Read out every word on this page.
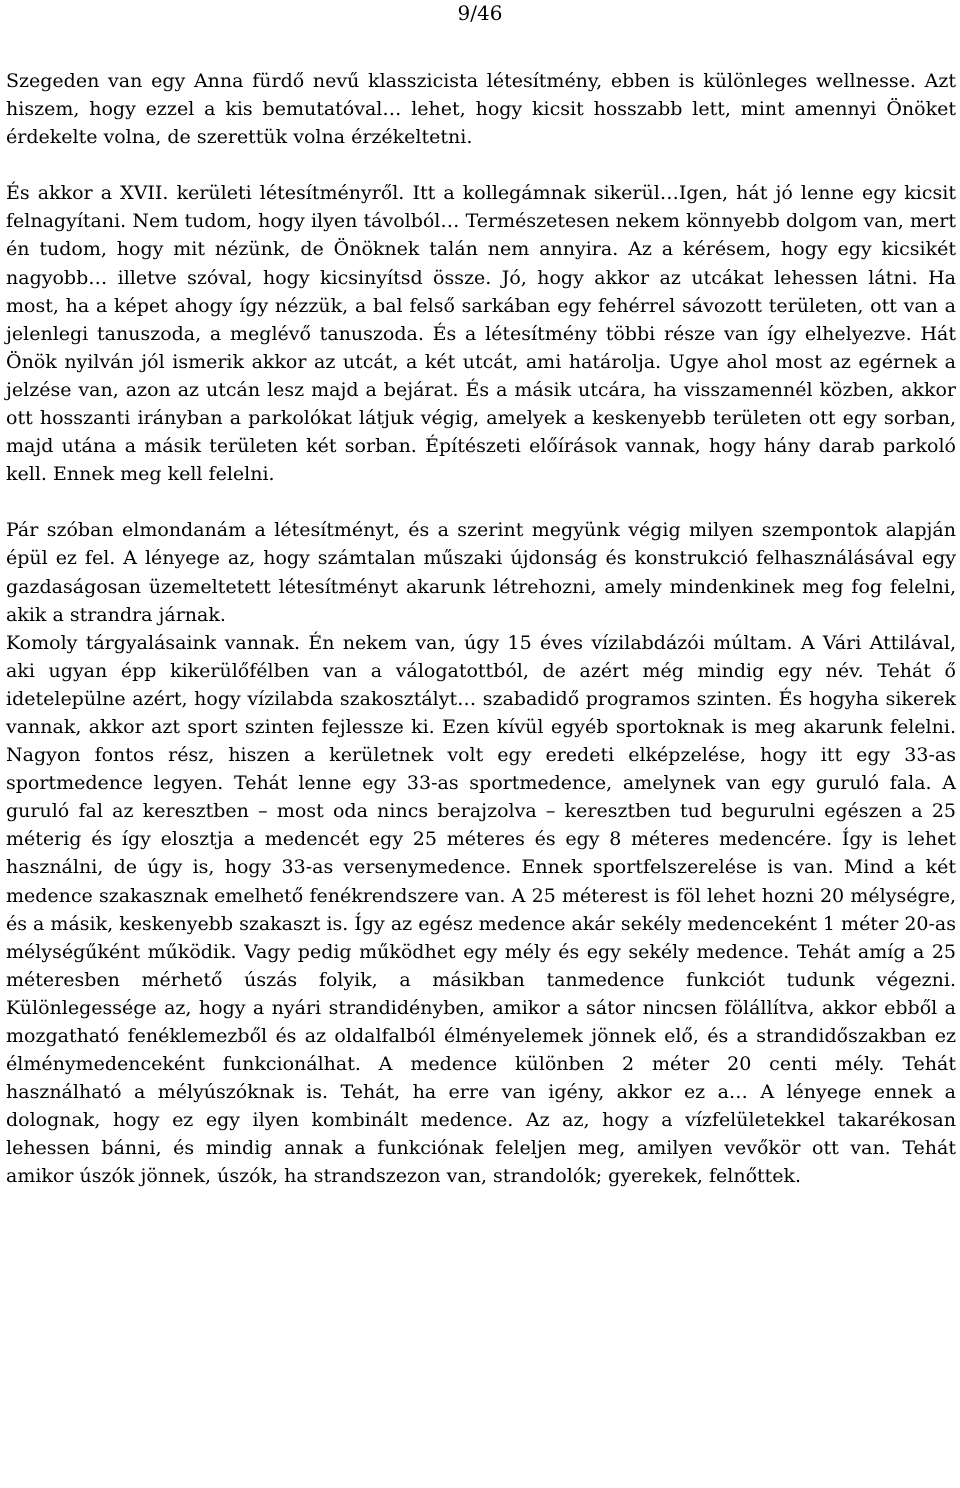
9/46

Szegeden van egy Anna fürdő nevű klasszicista létesítmény, ebben is különleges wellnesse. Azt hiszem, hogy ezzel a kis bemutatóval… lehet, hogy kicsit hosszabb lett, mint amennyi Önöket érdekelte volna, de szerettük volna érzékeltetni.

És akkor a XVII. kerületi létesítményről. Itt a kollegámnak sikerül…Igen, hát jó lenne egy kicsit felnagyítani. Nem tudom, hogy ilyen távolból… Természetesen nekem könnyebb dolgom van, mert én tudom, hogy mit nézünk, de Önöknek talán nem annyira. Az a kérésem, hogy egy kicsikét nagyobb… illetve szóval, hogy kicsinyítsd össze. Jó, hogy akkor az utcákat lehessen látni. Ha most, ha a képet ahogy így nézzük, a bal felső sarkában egy fehérrel sávozott területen, ott van a jelenlegi tanuszoda, a meglévő tanuszoda. És a létesítmény többi része van így elhelyezve. Hát Önök nyilván jól ismerik akkor az utcát, a két utcát, ami határolja. Ugye ahol most az egérnek a jelzése van, azon az utcán lesz majd a bejárat. És a másik utcára, ha visszamennél közben, akkor ott hosszanti irányban a parkolókat látjuk végig, amelyek a keskenyebb területen ott egy sorban, majd utána a másik területen két sorban. Építészeti előírások vannak, hogy hány darab parkoló kell. Ennek meg kell felelni.

Pár szóban elmondanám a létesítményt, és a szerint megyünk végig milyen szempontok alapján épül ez fel. A lényege az, hogy számtalan műszaki újdonság és konstrukció felhasználásával egy gazdaságosan üzemeltetett létesítményt akarunk létrehozni, amely mindenkinek meg fog felelni, akik a strandra járnak.

Komoly tárgyalásaink vannak. Én nekem van, úgy 15 éves vízilabdázói múltam. A Vári Attilával, aki ugyan épp kikerülőfélben van a válogatottból, de azért még mindig egy név. Tehát ő idetelepülne azért, hogy vízilabda szakosztályt… szabadidő programos szinten. És hogyha sikerek vannak, akkor azt sport szinten fejlessze ki. Ezen kívül egyéb sportoknak is meg akarunk felelni. Nagyon fontos rész, hiszen a kerületnek volt egy eredeti elképzelése, hogy itt egy 33-as sportmedence legyen. Tehát lenne egy 33-as sportmedence, amelynek van egy guruló fala. A guruló fal az keresztben – most oda nincs berajzolva – keresztben tud begurulni egészen a 25 méterig és így elosztja a medencét egy 25 méteres és egy 8 méteres medencére. Így is lehet használni, de úgy is, hogy 33-as versenymedence. Ennek sportfelszerelése is van. Mind a két medence szakasznak emelhető fenékrendszere van. A 25 méterest is föl lehet hozni 20 mélységre, és a másik, keskenyebb szakaszt is. Így az egész medence akár sekély medenceként 1 méter 20-as mélységűként működik. Vagy pedig működhet egy mély és egy sekély medence. Tehát amíg a 25 méteresben mérhető úszás folyik, a másikban tanmedence funkciót tudunk végezni. Különlegessége az, hogy a nyári strandidényben, amikor a sátor nincsen fölállítva, akkor ebből a mozgatható fenéklemezből és az oldalfalból élményelemek jönnek elő, és a strandidőszakban ez élménymedenceként funkcionálhat. A medence különben 2 méter 20 centi mély. Tehát használható a mélyúszóknak is. Tehát, ha erre van igény, akkor ez a… A lényege ennek a dolognak, hogy ez egy ilyen kombinált medence. Az az, hogy a vízfelületekkel takarékosan lehessen bánni, és mindig annak a funkciónak feleljen meg, amilyen vevőkör ott van. Tehát amikor úszók jönnek, úszók, ha strandszezon van, strandolók; gyerekek, felnőttek.
